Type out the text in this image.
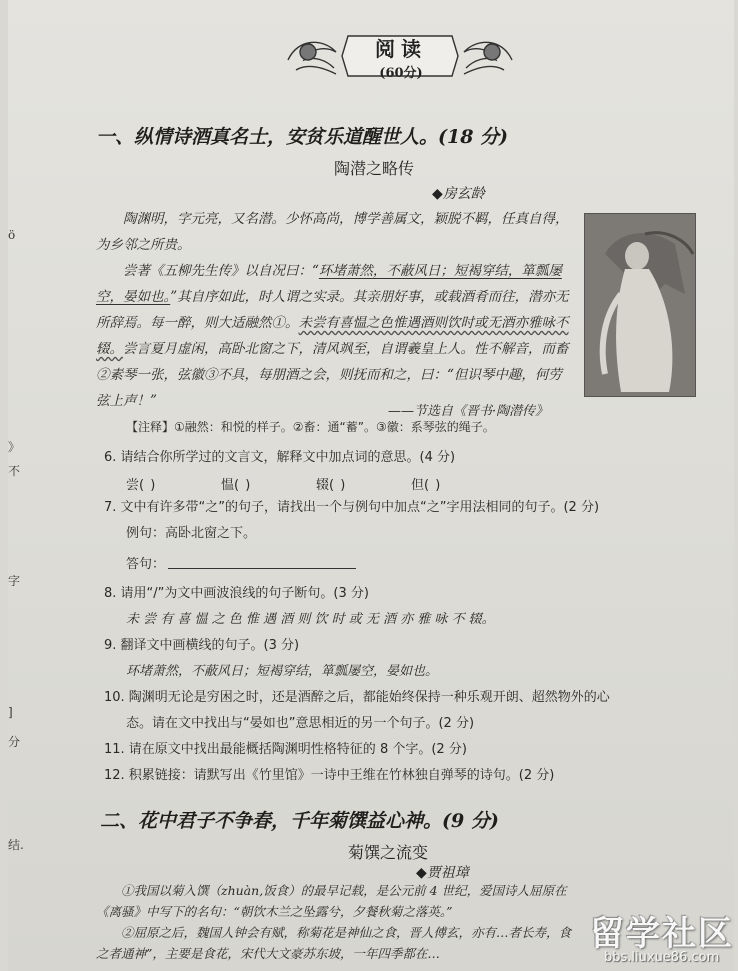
ö
》
不
字
]
分
结.
阅读
(60分)
一、纵情诗酒真名士，安贫乐道醒世人。(18 分)
陶潜之略传
◆房玄龄

陶渊明，字元亮，又名潜。少怀高尚，博学善属文，颖脱不羁，任真自得，为乡邻之所贵。

尝著《五柳先生传》以自况曰：“环堵萧然，不蔽风日；短褐穿结，箪瓢屡空，晏如也。”其自序如此，时人谓之实录。其亲朋好事，或载酒肴而往，潜亦无所辞焉。每一醉，则大适融然①。未尝有喜愠之色惟遇酒则饮时或无酒亦雅咏不辍。尝言夏月虚闲，高卧北窗之下，清风飒至，自谓羲皇上人。性不解音，而畜②素琴一张，弦徽③不具，每朋酒之会，则抚而和之，曰：“但识琴中趣，何劳弦上声！”

——节选自《晋书·陶潜传》
【注释】①融然：和悦的样子。②畜：通“蓄”。③徽：系琴弦的绳子。
6. 请结合你所学过的文言文，解释文中加点词的意思。(4 分)
尝( )	愠( )	辍( )	但( )
7. 文中有许多带“之”的句子，请找出一个与例句中加点“之”字用法相同的句子。(2 分)
例句：高卧北窗之下。
答句：
8. 请用“/”为文中画波浪线的句子断句。(3 分)
未 尝 有 喜 愠 之 色 惟 遇 酒 则 饮 时 或 无 酒 亦 雅 咏 不 辍。
9. 翻译文中画横线的句子。(3 分)
环堵萧然，不蔽风日；短褐穿结，箪瓢屡空，晏如也。
10. 陶渊明无论是穷困之时，还是酒醉之后，都能始终保持一种乐观开朗、超然物外的心
态。请在文中找出与“晏如也”意思相近的另一个句子。(2 分)
11. 请在原文中找出最能概括陶渊明性格特征的 8 个字。(2 分)
12. 积累链接：请默写出《竹里馆》一诗中王维在竹林独自弹琴的诗句。(2 分)
二、花中君子不争春，千年菊馔益心神。(9 分)
菊馔之流变
◆贾祖璋

①我国以菊入馔（zhuàn,饭食）的最早记载，是公元前 4 世纪，爱国诗人屈原在《离骚》中写下的名句：“朝饮木兰之坠露兮，夕餐秋菊之落英。”

②屈原之后，魏国人钟会有赋，称菊花是神仙之食，晋人傅玄，亦有…者长寿，食之者通神”，主要是食花，宋代大文豪苏东坡，一年四季都在…	留学社区
bbs.liuxue86.com
